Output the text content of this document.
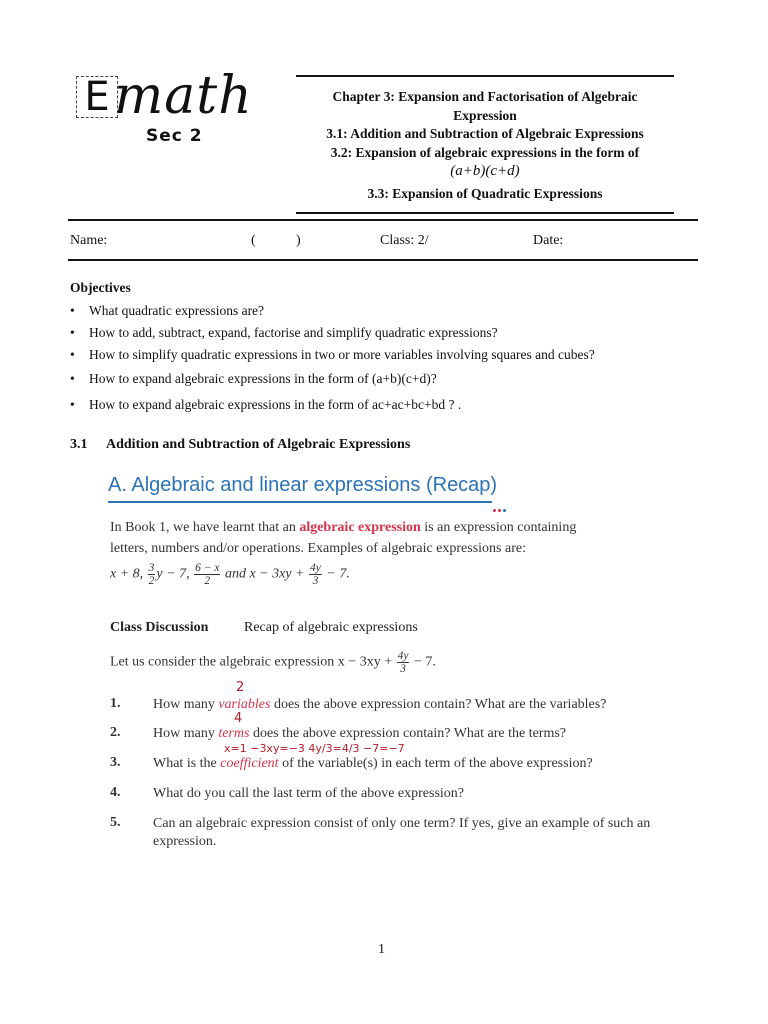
E math
Sec 2
Chapter 3: Expansion and Factorisation of Algebraic
Expression
3.1: Addition and Subtraction of Algebraic Expressions
3.2: Expansion of algebraic expressions in the form of
(a+b)(c+d)
3.3: Expansion of Quadratic Expressions
Name:	(	)	Class: 2/	Date:
Objectives
•	What quadratic expressions are?
•	How to add, subtract, expand, factorise and simplify quadratic expressions?
•	How to simplify quadratic expressions in two or more variables involving squares and cubes?
•	How to expand algebraic expressions in the form of (a+b)(c+d)?
•	How to expand algebraic expressions in the form of ac+ac+bc+bd ? .
3.1 Addition and Subtraction of Algebraic Expressions
A. Algebraic and linear expressions (Recap)
In Book 1, we have learnt that an algebraic expression is an expression containing
letters, numbers and/or operations. Examples of algebraic expressions are:
x + 8, $\frac{3}{2}$ y − 7, $\frac{6 - x}{2}$ and $x - 3xy + \frac{4y}{3} - 7$.
Class Discussion	Recap of algebraic expressions
Let us consider the algebraic expression $x - 3xy + \frac{4y}{3} - 7$.
2
4
x=1 −3xy=−3 4y/3=4/3 −7=−7
1. How many variables does the above expression contain? What are the variables?
2. How many terms does the above expression contain? What are the terms?
3. What is the coefficient of the variable(s) in each term of the above expression?
4. What do you call the last term of the above expression?
5. Can an algebraic expression consist of only one term? If yes, give an example of such an expression.
1
